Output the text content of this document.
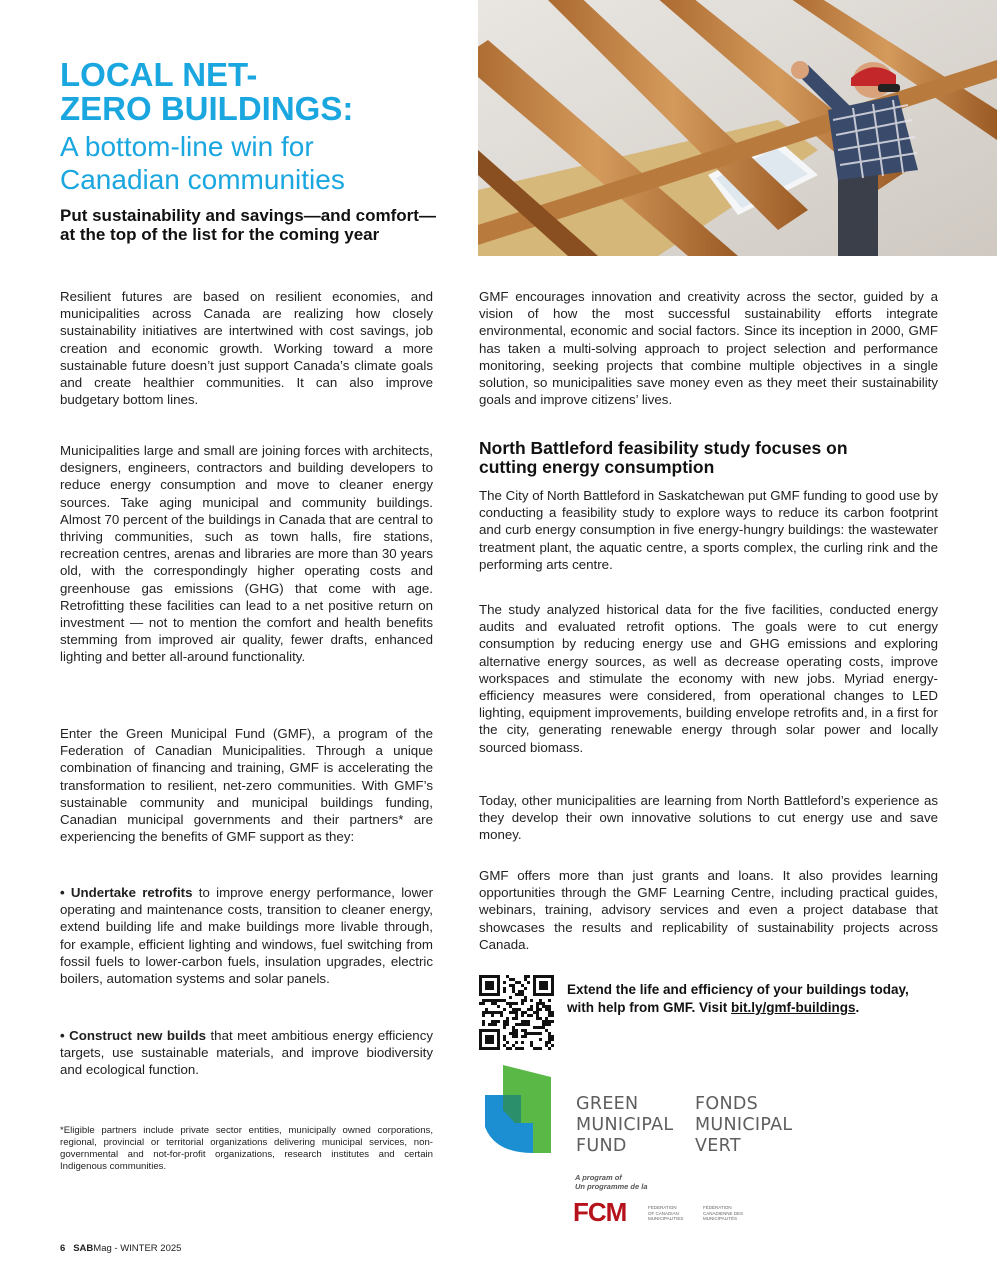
LOCAL NET-
ZERO BUILDINGS:
A bottom-line win for
Canadian communities
Put sustainability and savings—and comfort—at the top of the list for the coming year
Resilient futures are based on resilient economies, and municipalities across Canada are realizing how closely sustainability initiatives are intertwined with cost savings, job creation and economic growth. Working toward a more sustainable future doesn’t just support Canada’s climate goals and create healthier communities. It can also improve budgetary bottom lines.
Municipalities large and small are joining forces with architects, designers, engineers, contractors and building developers to reduce energy consumption and move to cleaner energy sources. Take aging municipal and community buildings. Almost 70 percent of the buildings in Canada that are central to thriving communities, such as town halls, fire stations, recreation centres, arenas and libraries are more than 30 years old, with the correspondingly higher operating costs and greenhouse gas emissions (GHG) that come with age. Retrofitting these facilities can lead to a net positive return on investment — not to mention the comfort and health benefits stemming from improved air quality, fewer drafts, enhanced lighting and better all-around functionality.
Enter the Green Municipal Fund (GMF), a program of the Federation of Canadian Municipalities. Through a unique combination of financing and training, GMF is accelerating the transformation to resilient, net-zero communities. With GMF’s sustainable community and municipal buildings funding, Canadian municipal governments and their partners* are experiencing the benefits of GMF support as they:
• Undertake retrofits to improve energy performance, lower operating and maintenance costs, transition to cleaner energy, extend building life and make buildings more livable through, for example, efficient lighting and windows, fuel switching from fossil fuels to lower-carbon fuels, insulation upgrades, electric boilers, automation systems and solar panels.
• Construct new builds that meet ambitious energy efficiency targets, use sustainable materials, and improve biodiversity and ecological function.
*Eligible partners include private sector entities, municipally owned corporations, regional, provincial or territorial organizations delivering municipal services, non-governmental and not-for-profit organizations, research institutes and certain Indigenous communities.
6 SABMag - WINTER 2025
GMF encourages innovation and creativity across the sector, guided by a vision of how the most successful sustainability efforts integrate environmental, economic and social factors. Since its inception in 2000, GMF has taken a multi-solving approach to project selection and performance monitoring, seeking projects that combine multiple objectives in a single solution, so municipalities save money even as they meet their sustainability goals and improve citizens’ lives.
North Battleford feasibility study focuses on cutting energy consumption
The City of North Battleford in Saskatchewan put GMF funding to good use by conducting a feasibility study to explore ways to reduce its carbon footprint and curb energy consumption in five energy-hungry buildings: the wastewater treatment plant, the aquatic centre, a sports complex, the curling rink and the performing arts centre.
The study analyzed historical data for the five facilities, conducted energy audits and evaluated retrofit options. The goals were to cut energy consumption by reducing energy use and GHG emissions and exploring alternative energy sources, as well as decrease operating costs, improve workspaces and stimulate the economy with new jobs. Myriad energy-efficiency measures were considered, from operational changes to LED lighting, equipment improvements, building envelope retrofits and, in a first for the city, generating renewable energy through solar power and locally sourced biomass.
Today, other municipalities are learning from North Battleford’s experience as they develop their own innovative solutions to cut energy use and save money.
GMF offers more than just grants and loans. It also provides learning opportunities through the GMF Learning Centre, including practical guides, webinars, training, advisory services and even a project database that showcases the results and replicability of sustainability projects across Canada.
Extend the life and efficiency of your buildings today, with help from GMF. Visit bit.ly/gmf-buildings.
GREEN
MUNICIPAL
FUND
FONDS
MUNICIPAL
VERT
A program of
Un programme de la
FCM	FEDERATION
OF CANADIAN
MUNICIPALITIES
FÉDÉRATION
CANADIENNE DES
MUNICIPALITÉS
